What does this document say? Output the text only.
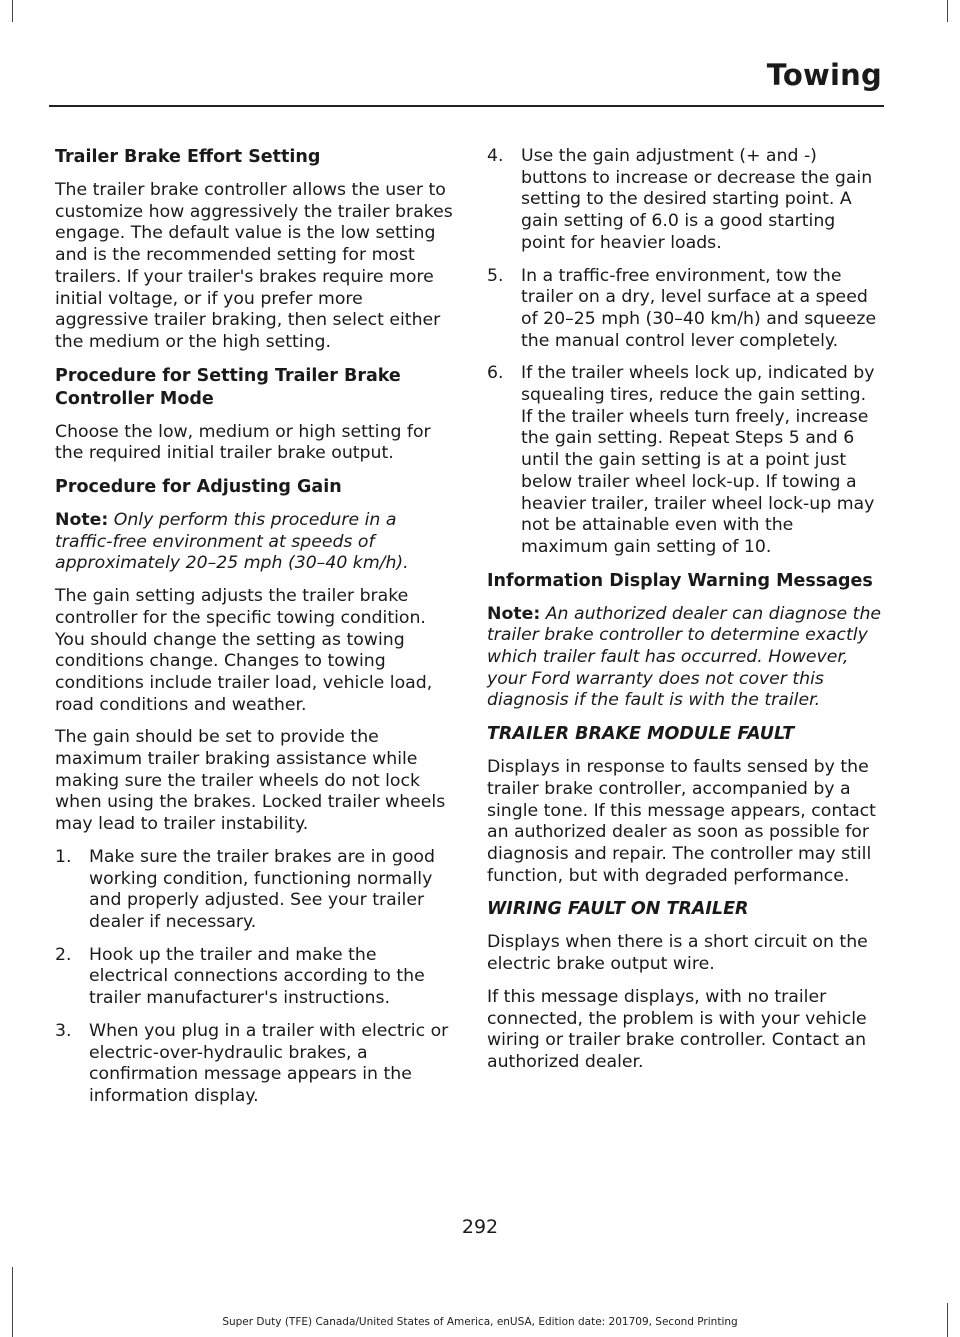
Towing
Trailer Brake Effort Setting

The trailer brake controller allows the user to customize how aggressively the trailer brakes engage. The default value is the low setting and is the recommended setting for most trailers. If your trailer's brakes require more initial voltage, or if you prefer more aggressive trailer braking, then select either the medium or the high setting.

Procedure for Setting Trailer Brake Controller Mode

Choose the low, medium or high setting for the required initial trailer brake output.

Procedure for Adjusting Gain

Note: Only perform this procedure in a traffic-free environment at speeds of approximately 20–25 mph (30–40 km/h).

The gain setting adjusts the trailer brake controller for the specific towing condition. You should change the setting as towing conditions change. Changes to towing conditions include trailer load, vehicle load, road conditions and weather.

The gain should be set to provide the maximum trailer braking assistance while making sure the trailer wheels do not lock when using the brakes. Locked trailer wheels may lead to trailer instability.

1. Make sure the trailer brakes are in good working condition, functioning normally and properly adjusted. See your trailer dealer if necessary.
2. Hook up the trailer and make the electrical connections according to the trailer manufacturer's instructions.
3. When you plug in a trailer with electric or electric-over-hydraulic brakes, a confirmation message appears in the information display.
4. Use the gain adjustment (+ and -) buttons to increase or decrease the gain setting to the desired starting point. A gain setting of 6.0 is a good starting point for heavier loads.
5. In a traffic-free environment, tow the trailer on a dry, level surface at a speed of 20–25 mph (30–40 km/h) and squeeze the manual control lever completely.
6. If the trailer wheels lock up, indicated by squealing tires, reduce the gain setting. If the trailer wheels turn freely, increase the gain setting. Repeat Steps 5 and 6 until the gain setting is at a point just below trailer wheel lock-up. If towing a heavier trailer, trailer wheel lock-up may not be attainable even with the maximum gain setting of 10.
Information Display Warning Messages

Note: An authorized dealer can diagnose the trailer brake controller to determine exactly which trailer fault has occurred. However, your Ford warranty does not cover this diagnosis if the fault is with the trailer.

TRAILER BRAKE MODULE FAULT

Displays in response to faults sensed by the trailer brake controller, accompanied by a single tone. If this message appears, contact an authorized dealer as soon as possible for diagnosis and repair. The controller may still function, but with degraded performance.

WIRING FAULT ON TRAILER

Displays when there is a short circuit on the electric brake output wire.

If this message displays, with no trailer connected, the problem is with your vehicle wiring or trailer brake controller. Contact an authorized dealer.

292
Super Duty (TFE) Canada/United States of America, enUSA, Edition date: 201709, Second Printing
